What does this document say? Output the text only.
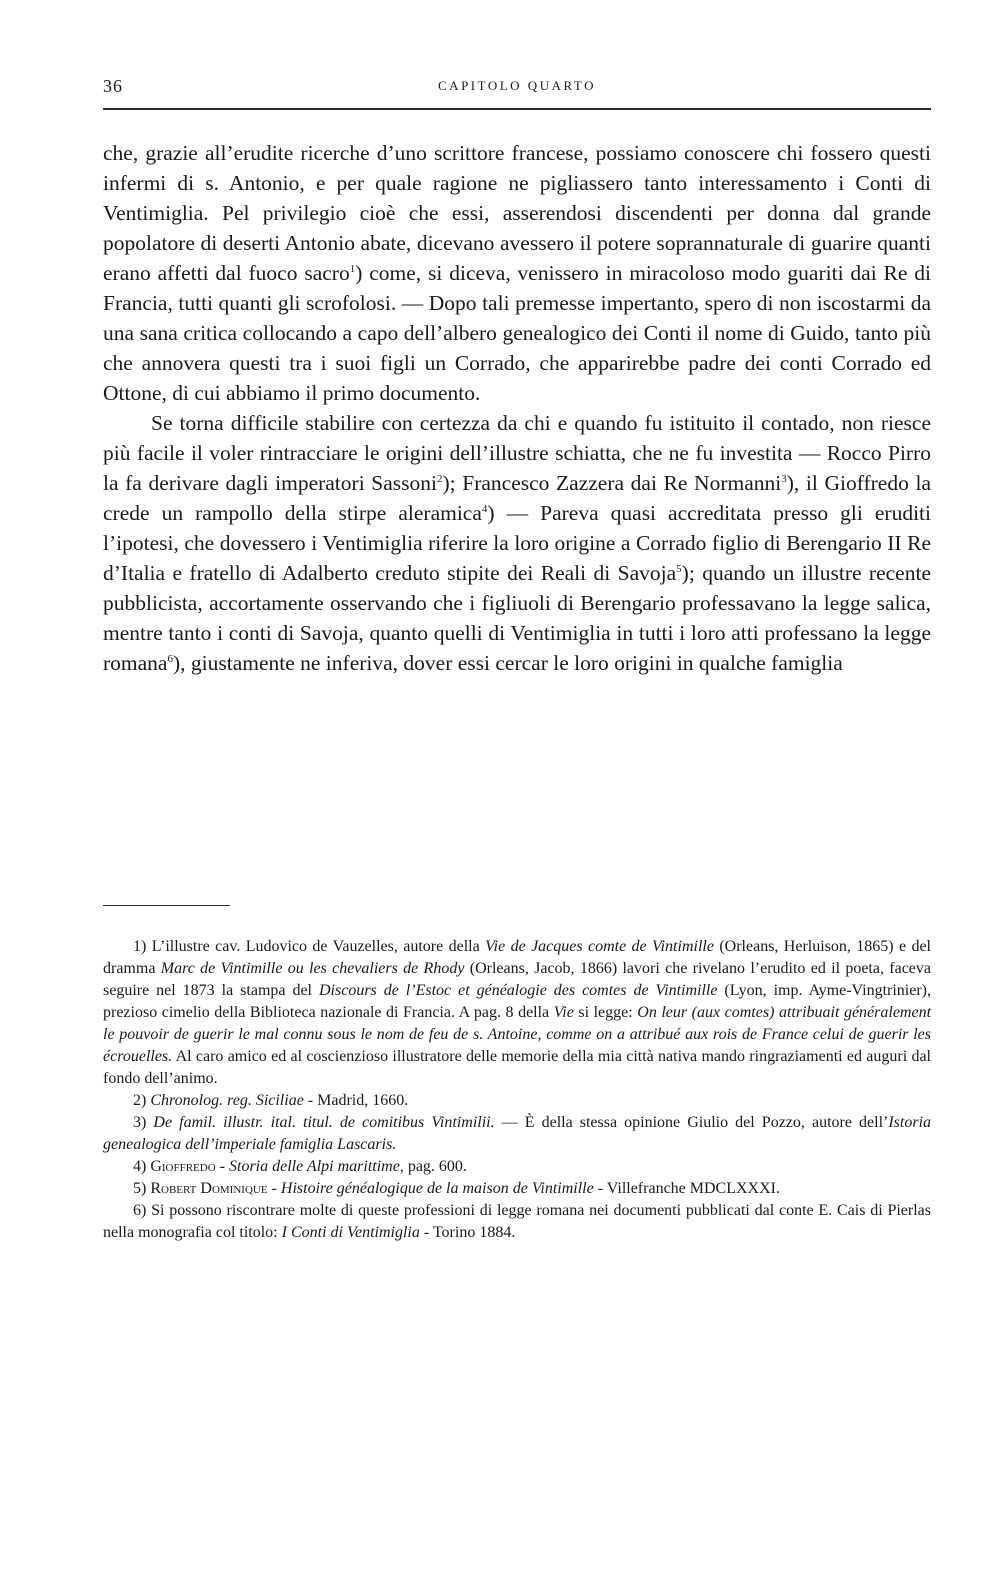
36	CAPITOLO QUARTO

che, grazie all’erudite ricerche d’uno scrittore francese, possiamo conoscere chi fossero questi infermi di s. Antonio, e per quale ragione ne pigliassero tanto interessamento i Conti di Ventimiglia. Pel privilegio cioè che essi, asserendosi discendenti per donna dal grande popolatore di deserti Antonio abate, dicevano avessero il potere soprannaturale di guarire quanti erano affetti dal fuoco sacro$^1$) come, si diceva, venissero in miracoloso modo guariti dai Re di Francia, tutti quanti gli scrofolosi. — Dopo tali premesse impertanto, spero di non iscostarmi da una sana critica collocando a capo dell’albero genealogico dei Conti il nome di Guido, tanto più che annovera questi tra i suoi figli un Corrado, che apparirebbe padre dei conti Corrado ed Ottone, di cui abbiamo il primo documento.

Se torna difficile stabilire con certezza da chi e quando fu istituito il contado, non riesce più facile il voler rintracciare le origini dell’illustre schiatta, che ne fu investita — Rocco Pirro la fa derivare dagli imperatori Sassoni$^2$); Francesco Zazzera dai Re Normanni$^3$), il Gioffredo la crede un rampollo della stirpe aleramica$^4$) — Pareva quasi accreditata presso gli eruditi l’ipotesi, che dovessero i Ventimiglia riferire la loro origine a Corrado figlio di Berengario II Re d’Italia e fratello di Adalberto creduto stipite dei Reali di Savoja$^5$); quando un illustre recente pubblicista, accortamente osservando che i figliuoli di Berengario professavano la legge salica, mentre tanto i conti di Savoja, quanto quelli di Ventimiglia in tutti i loro atti professano la legge romana$^6$), giustamente ne inferiva, dover essi cercar le loro origini in qualche famiglia

1) L’illustre cav. Ludovico de Vauzelles, autore della Vie de Jacques comte de Vintimille (Orleans, Herluison, 1865) e del dramma Marc de Vintimille ou les chevaliers de Rhody (Orleans, Jacob, 1866) lavori che rivelano l’erudito ed il poeta, faceva seguire nel 1873 la stampa del Discours de l’Estoc et généalogie des comtes de Vintimille (Lyon, imp. Ayme-Vingtrinier), prezioso cimelio della Biblioteca nazionale di Francia. A pag. 8 della Vie si legge: On leur (aux comtes) attribuait généralement le pouvoir de guerir le mal connu sous le nom de feu de s. Antoine, comme on a attribué aux rois de France celui de guerir les écrouelles. Al caro amico ed al coscienzioso illustratore delle memorie della mia città nativa mando ringraziamenti ed auguri dal fondo dell’animo.

2) Chronolog. reg. Siciliae - Madrid, 1660.

3) De famil. illustr. ital. titul. de comitibus Vintimilii. — È della stessa opinione Giulio del Pozzo, autore dell’Istoria genealogica dell’imperiale famiglia Lascaris.

4) Gioffredo - Storia delle Alpi marittime, pag. 600.

5) Robert Dominique - Histoire généalogique de la maison de Vintimille - Villefranche MDCLXXXI.

6) Si possono riscontrare molte di queste professioni di legge romana nei documenti pubblicati dal conte E. Cais di Pierlas nella monografia col titolo: I Conti di Ventimiglia - Torino 1884.
